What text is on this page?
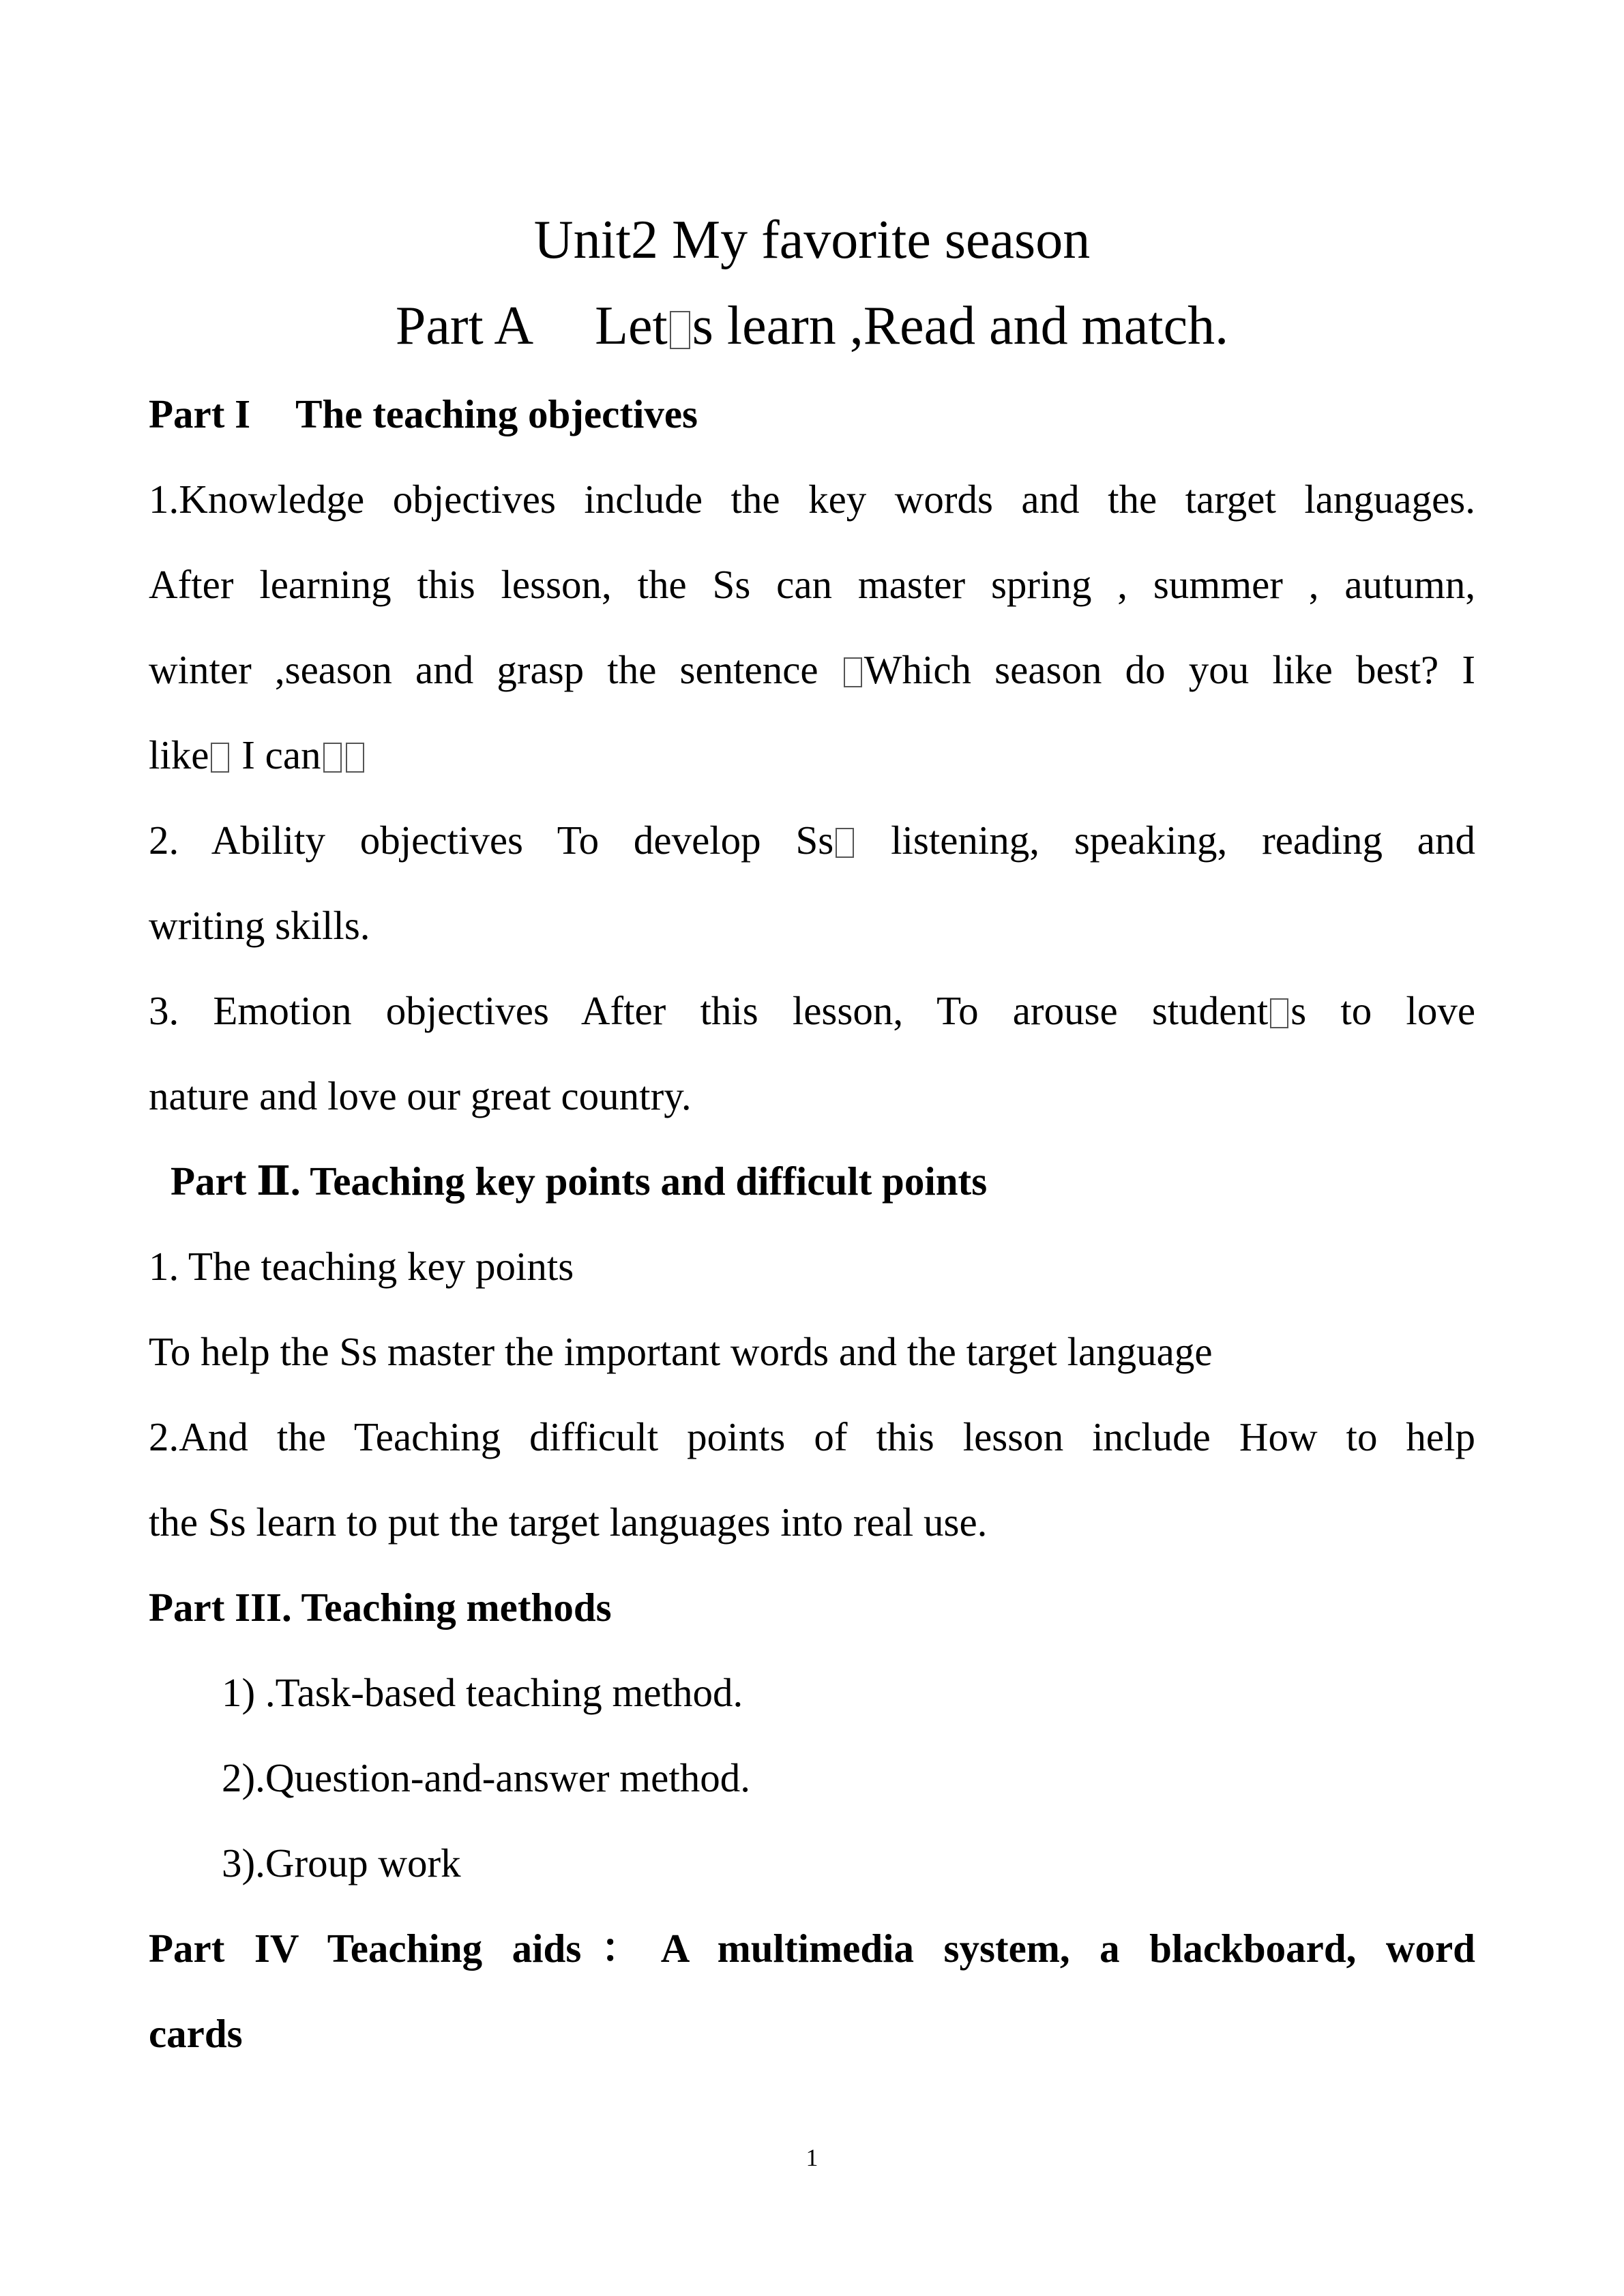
Unit2 My favorite season
Part A Let s learn ,Read and match.
Part I The teaching objectives
1.Knowledge objectives include the key words and the target languages.
After learning this lesson, the Ss can master spring , summer , autumn,
winter ,season and grasp the sentence Which season do you like best? I
like I can
2. Ability objectives To develop Ss listening, speaking, reading and
writing skills.
3. Emotion objectives After this lesson, To arouse student s to love
nature and love our great country.
Part Ⅱ. Teaching key points and difficult points
1. The teaching key points
To help the Ss master the important words and the target language
2.And the Teaching difficult points of this lesson include How to help
the Ss learn to put the target languages into real use.
Part III. Teaching methods
1) .Task-based teaching method.
2).Question-and-answer method.
3).Group work
Part IV Teaching aids：A multimedia system, a blackboard, word
cards
1
